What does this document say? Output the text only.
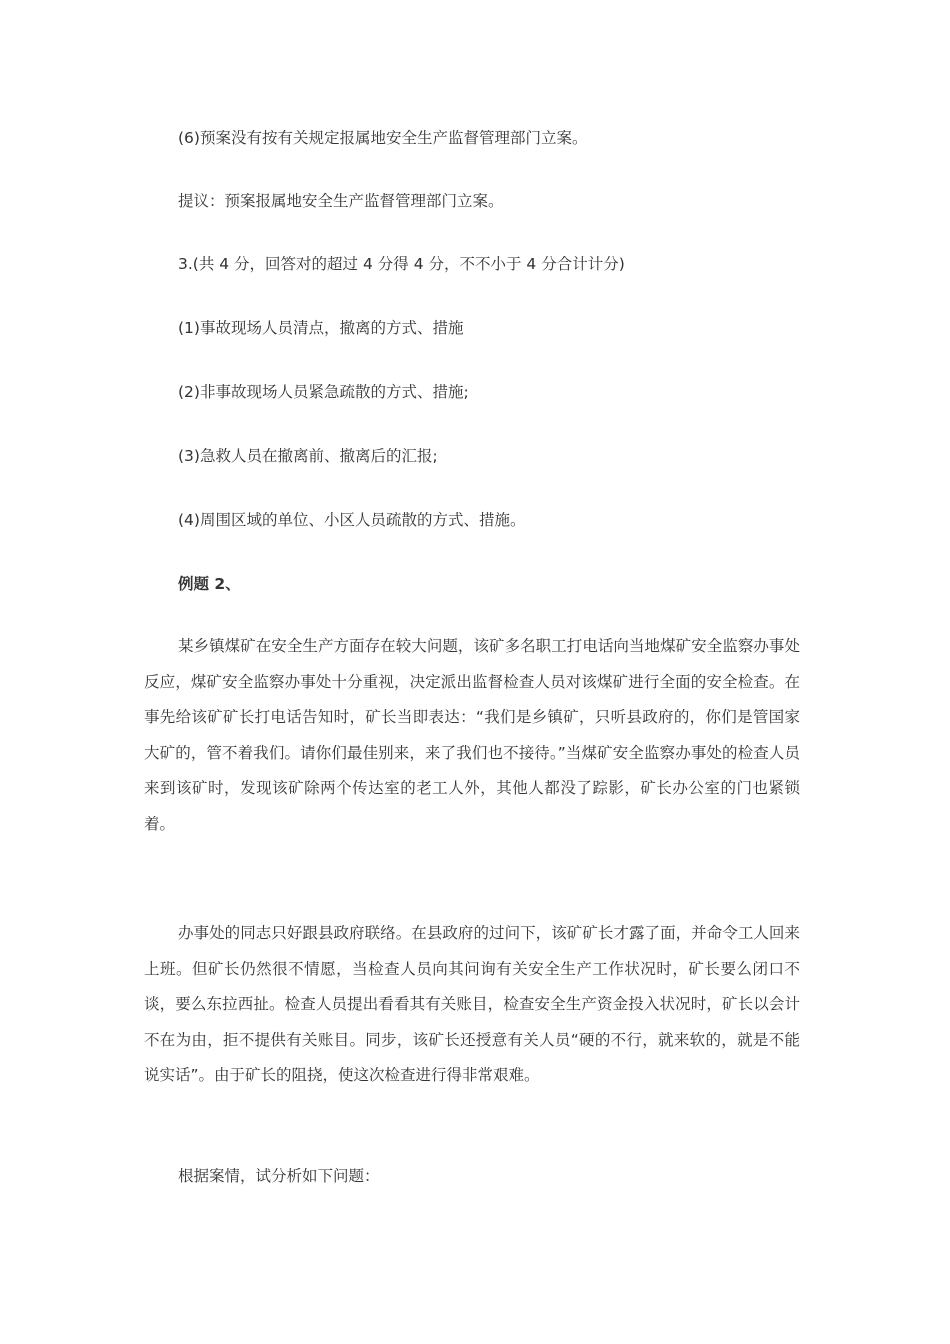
(6)预案没有按有关规定报属地安全生产监督管理部门立案。
提议：预案报属地安全生产监督管理部门立案。
3.(共 4 分，回答对的超过 4 分得 4 分，不不小于 4 分合计计分)
(1)事故现场人员清点，撤离的方式、措施
(2)非事故现场人员紧急疏散的方式、措施;
(3)急救人员在撤离前、撤离后的汇报;
(4)周围区域的单位、小区人员疏散的方式、措施。
例题 2、

某乡镇煤矿在安全生产方面存在较大问题，该矿多名职工打电话向当地煤矿安全监察办事处反应，煤矿安全监察办事处十分重视，决定派出监督检查人员对该煤矿进行全面的安全检查。在事先给该矿矿长打电话告知时，矿长当即表达：“我们是乡镇矿，只听县政府的，你们是管国家大矿的，管不着我们。请你们最佳别来，来了我们也不接待。”当煤矿安全监察办事处的检查人员来到该矿时，发现该矿除两个传达室的老工人外，其他人都没了踪影，矿长办公室的门也紧锁着。

办事处的同志只好跟县政府联络。在县政府的过问下，该矿矿长才露了面，并命令工人回来上班。但矿长仍然很不情愿，当检查人员向其问询有关安全生产工作状况时，矿长要么闭口不谈，要么东拉西扯。检查人员提出看看其有关账目，检查安全生产资金投入状况时，矿长以会计不在为由，拒不提供有关账目。同步，该矿长还授意有关人员“硬的不行，就来软的，就是不能说实话”。由于矿长的阻挠，使这次检查进行得非常艰难。

根据案情，试分析如下问题：
